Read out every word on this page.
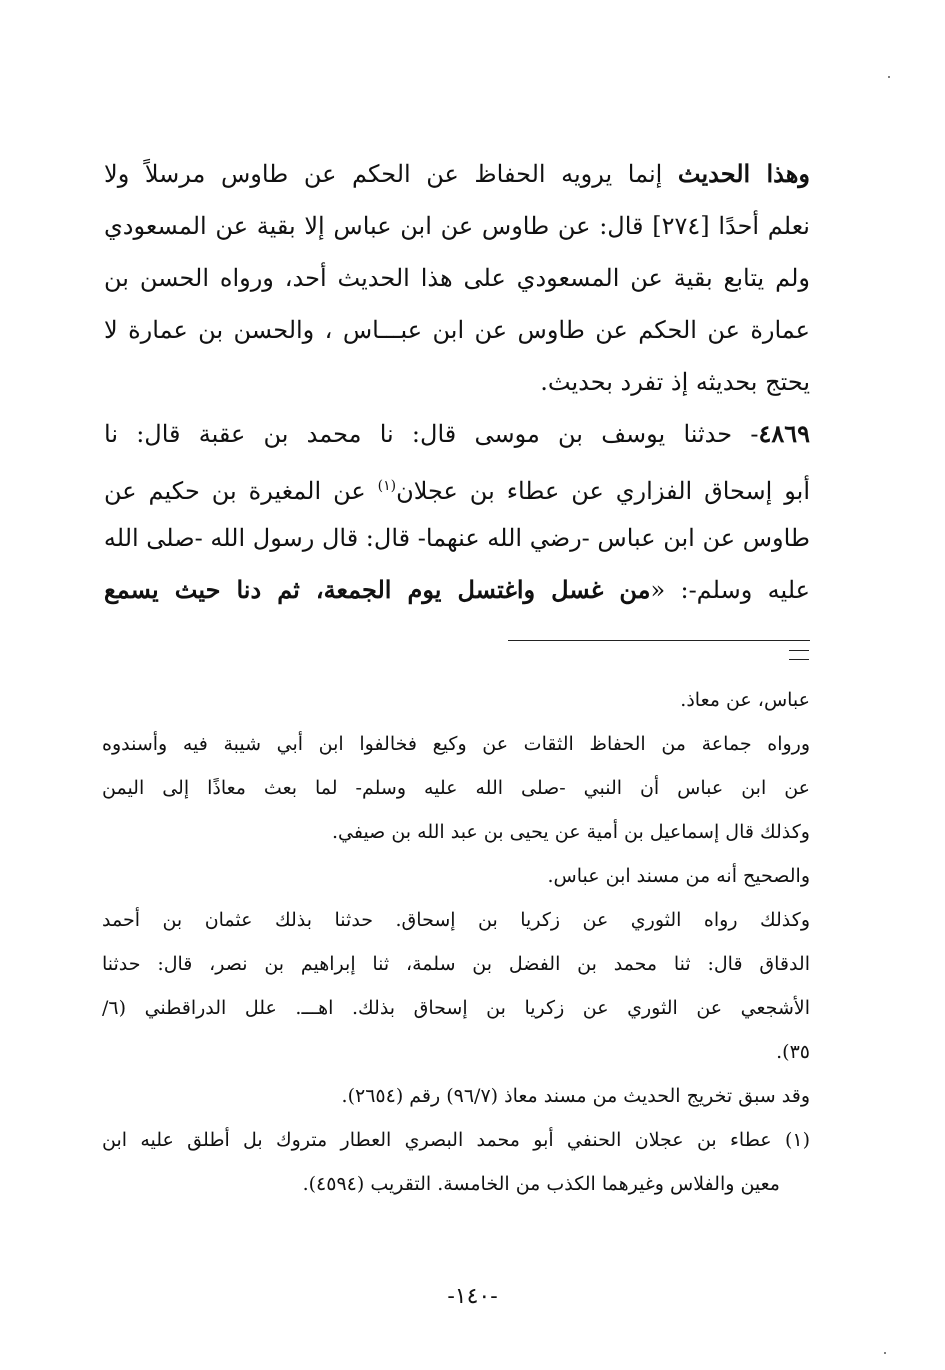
وهذا الحديث إنما يرويه الحفاظ عن الحكم عن طاوس مرسلاً ولا
نعلم أحدًا [٢٧٤] قال: عن طاوس عن ابن عباس إلا بقية عن المسعودي
ولم يتابع بقية عن المسعودي على هذا الحديث أحد، ورواه الحسن بن
عمارة عن الحكم عن طاوس عن ابن عبـــاس ، والحسن بن عمارة لا
يحتج بحديثه إذ تفرد بحديث.
٤٨٦٩- حدثنا يوسف بن موسى قال: نا محمد بن عقبة قال: نا
أبو إسحاق الفزاري عن عطاء بن عجلان$^{(١)}$ عن المغيرة بن حكيم عن
طاوس عن ابن عباس -رضي الله عنهما- قال: قال رسول الله -صلى الله
عليه وسلم-: «من غسل واغتسل يوم الجمعة، ثم دنا حيث يسمع
عباس، عن معاذ.
ورواه جماعة من الحفاظ الثقات عن وكيع فخالفوا ابن أبي شيبة فيه وأسندوه
عن ابن عباس أن النبي -صلى الله عليه وسلم- لما بعث معاذًا إلى اليمن
وكذلك قال إسماعيل بن أمية عن يحيى بن عبد الله بن صيفي.
والصحيح أنه من مسند ابن عباس.
وكذلك رواه الثوري عن زكريا بن إسحاق. حدثنا بذلك عثمان بن أحمد
الدقاق قال: ثنا محمد بن الفضل بن سلمة، ثنا إبراهيم بن نصر، قال: حدثنا
الأشجعي عن الثوري عن زكريا بن إسحاق بذلك. اهـــ. علل الدراقطني (٦/
٣٥).
وقد سبق تخريج الحديث من مسند معاذ (٩٦/٧) رقم (٢٦٥٤).
(١) عطاء بن عجلان الحنفي أبو محمد البصري العطار متروك بل أطلق عليه ابن
معين والفلاس وغيرهما الكذب من الخامسة. التقريب (٤٥٩٤).
-١٤٠-
